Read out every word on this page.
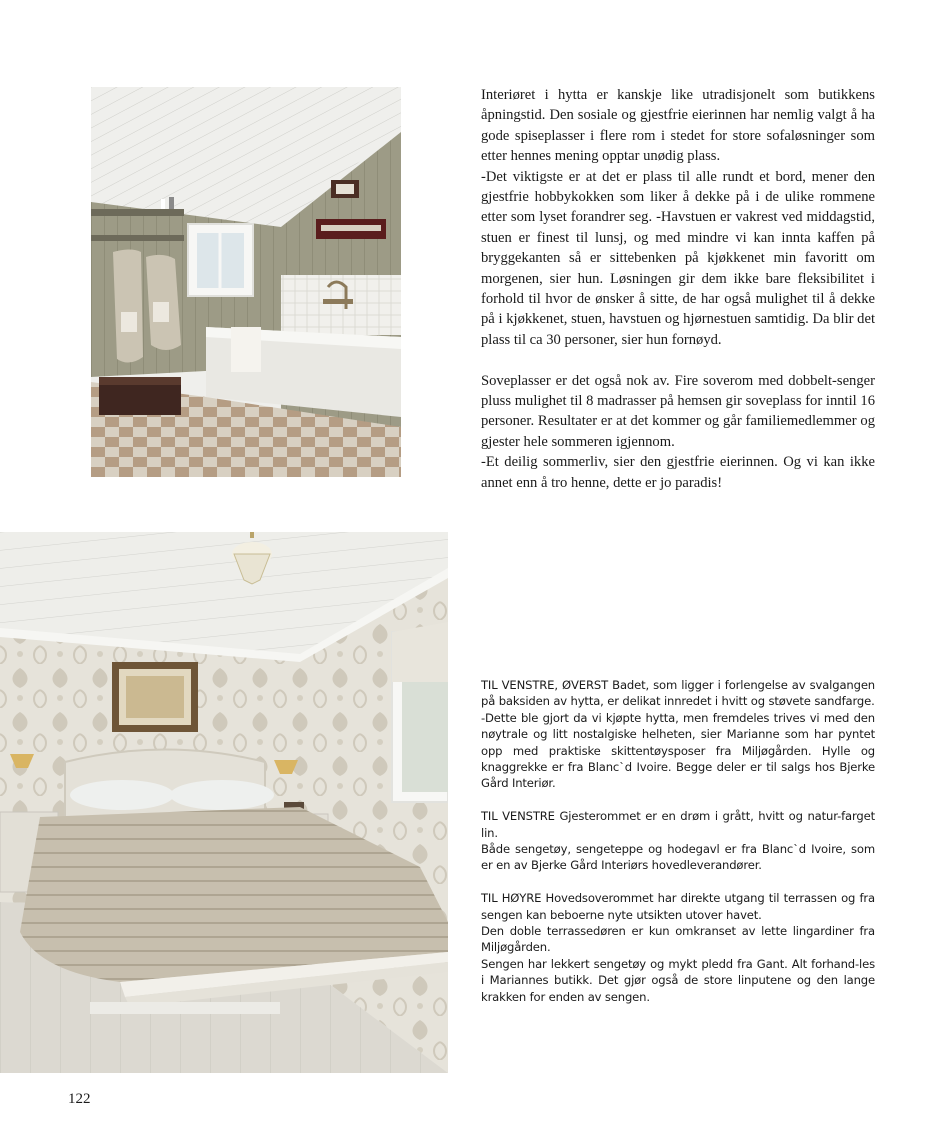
Interiøret i hytta er kanskje like utradisjonelt som butikkens åpningstid. Den sosiale og gjestfrie eierinnen har nemlig valgt å ha gode spiseplasser i flere rom i stedet for store sofaløsninger som etter hennes mening opptar unødig plass.

-Det viktigste er at det er plass til alle rundt et bord, mener den gjestfrie hobbykokken som liker å dekke på i de ulike rommene etter som lyset forandrer seg. -Havstuen er vakrest ved middagstid, stuen er finest til lunsj, og med mindre vi kan innta kaffen på bryggekanten så er sittebenken på kjøkkenet min favoritt om morgenen, sier hun. Løsningen gir dem ikke bare fleksibilitet i forhold til hvor de ønsker å sitte, de har også mulighet til å dekke på i kjøkkenet, stuen, havstuen og hjørnestuen samtidig. Da blir det plass til ca 30 personer, sier hun fornøyd.

Soveplasser er det også nok av. Fire soverom med dobbelt-senger pluss mulighet til 8 madrasser på hemsen gir soveplass for inntil 16 personer. Resultater er at det kommer og går familiemedlemmer og gjester hele sommeren igjennom.

-Et deilig sommerliv, sier den gjestfrie eierinnen. Og vi kan ikke annet enn å tro henne, dette er jo paradis!

TIL VENSTRE, ØVERST Badet, som ligger i forlengelse av svalgangen på baksiden av hytta, er delikat innredet i hvitt og støvete sandfarge.

-Dette ble gjort da vi kjøpte hytta, men fremdeles trives vi med den nøytrale og litt nostalgiske helheten, sier Marianne som har pyntet opp med praktiske skittentøysposer fra Miljøgården. Hylle og knaggrekke er fra Blanc`d Ivoire. Begge deler er til salgs hos Bjerke Gård Interiør.

TIL VENSTRE Gjesterommet er en drøm i grått, hvitt og natur-farget lin.

Både sengetøy, sengeteppe og hodegavl er fra Blanc`d Ivoire, som er en av Bjerke Gård Interiørs hovedleverandører.

TIL HØYRE Hovedsoverommet har direkte utgang til terrassen og fra sengen kan beboerne nyte utsikten utover havet.

Den doble terrassedøren er kun omkranset av lette lingardiner fra Miljøgården.

Sengen har lekkert sengetøy og mykt pledd fra Gant. Alt forhand-les i Mariannes butikk. Det gjør også de store linputene og den lange krakken for enden av sengen.

122
